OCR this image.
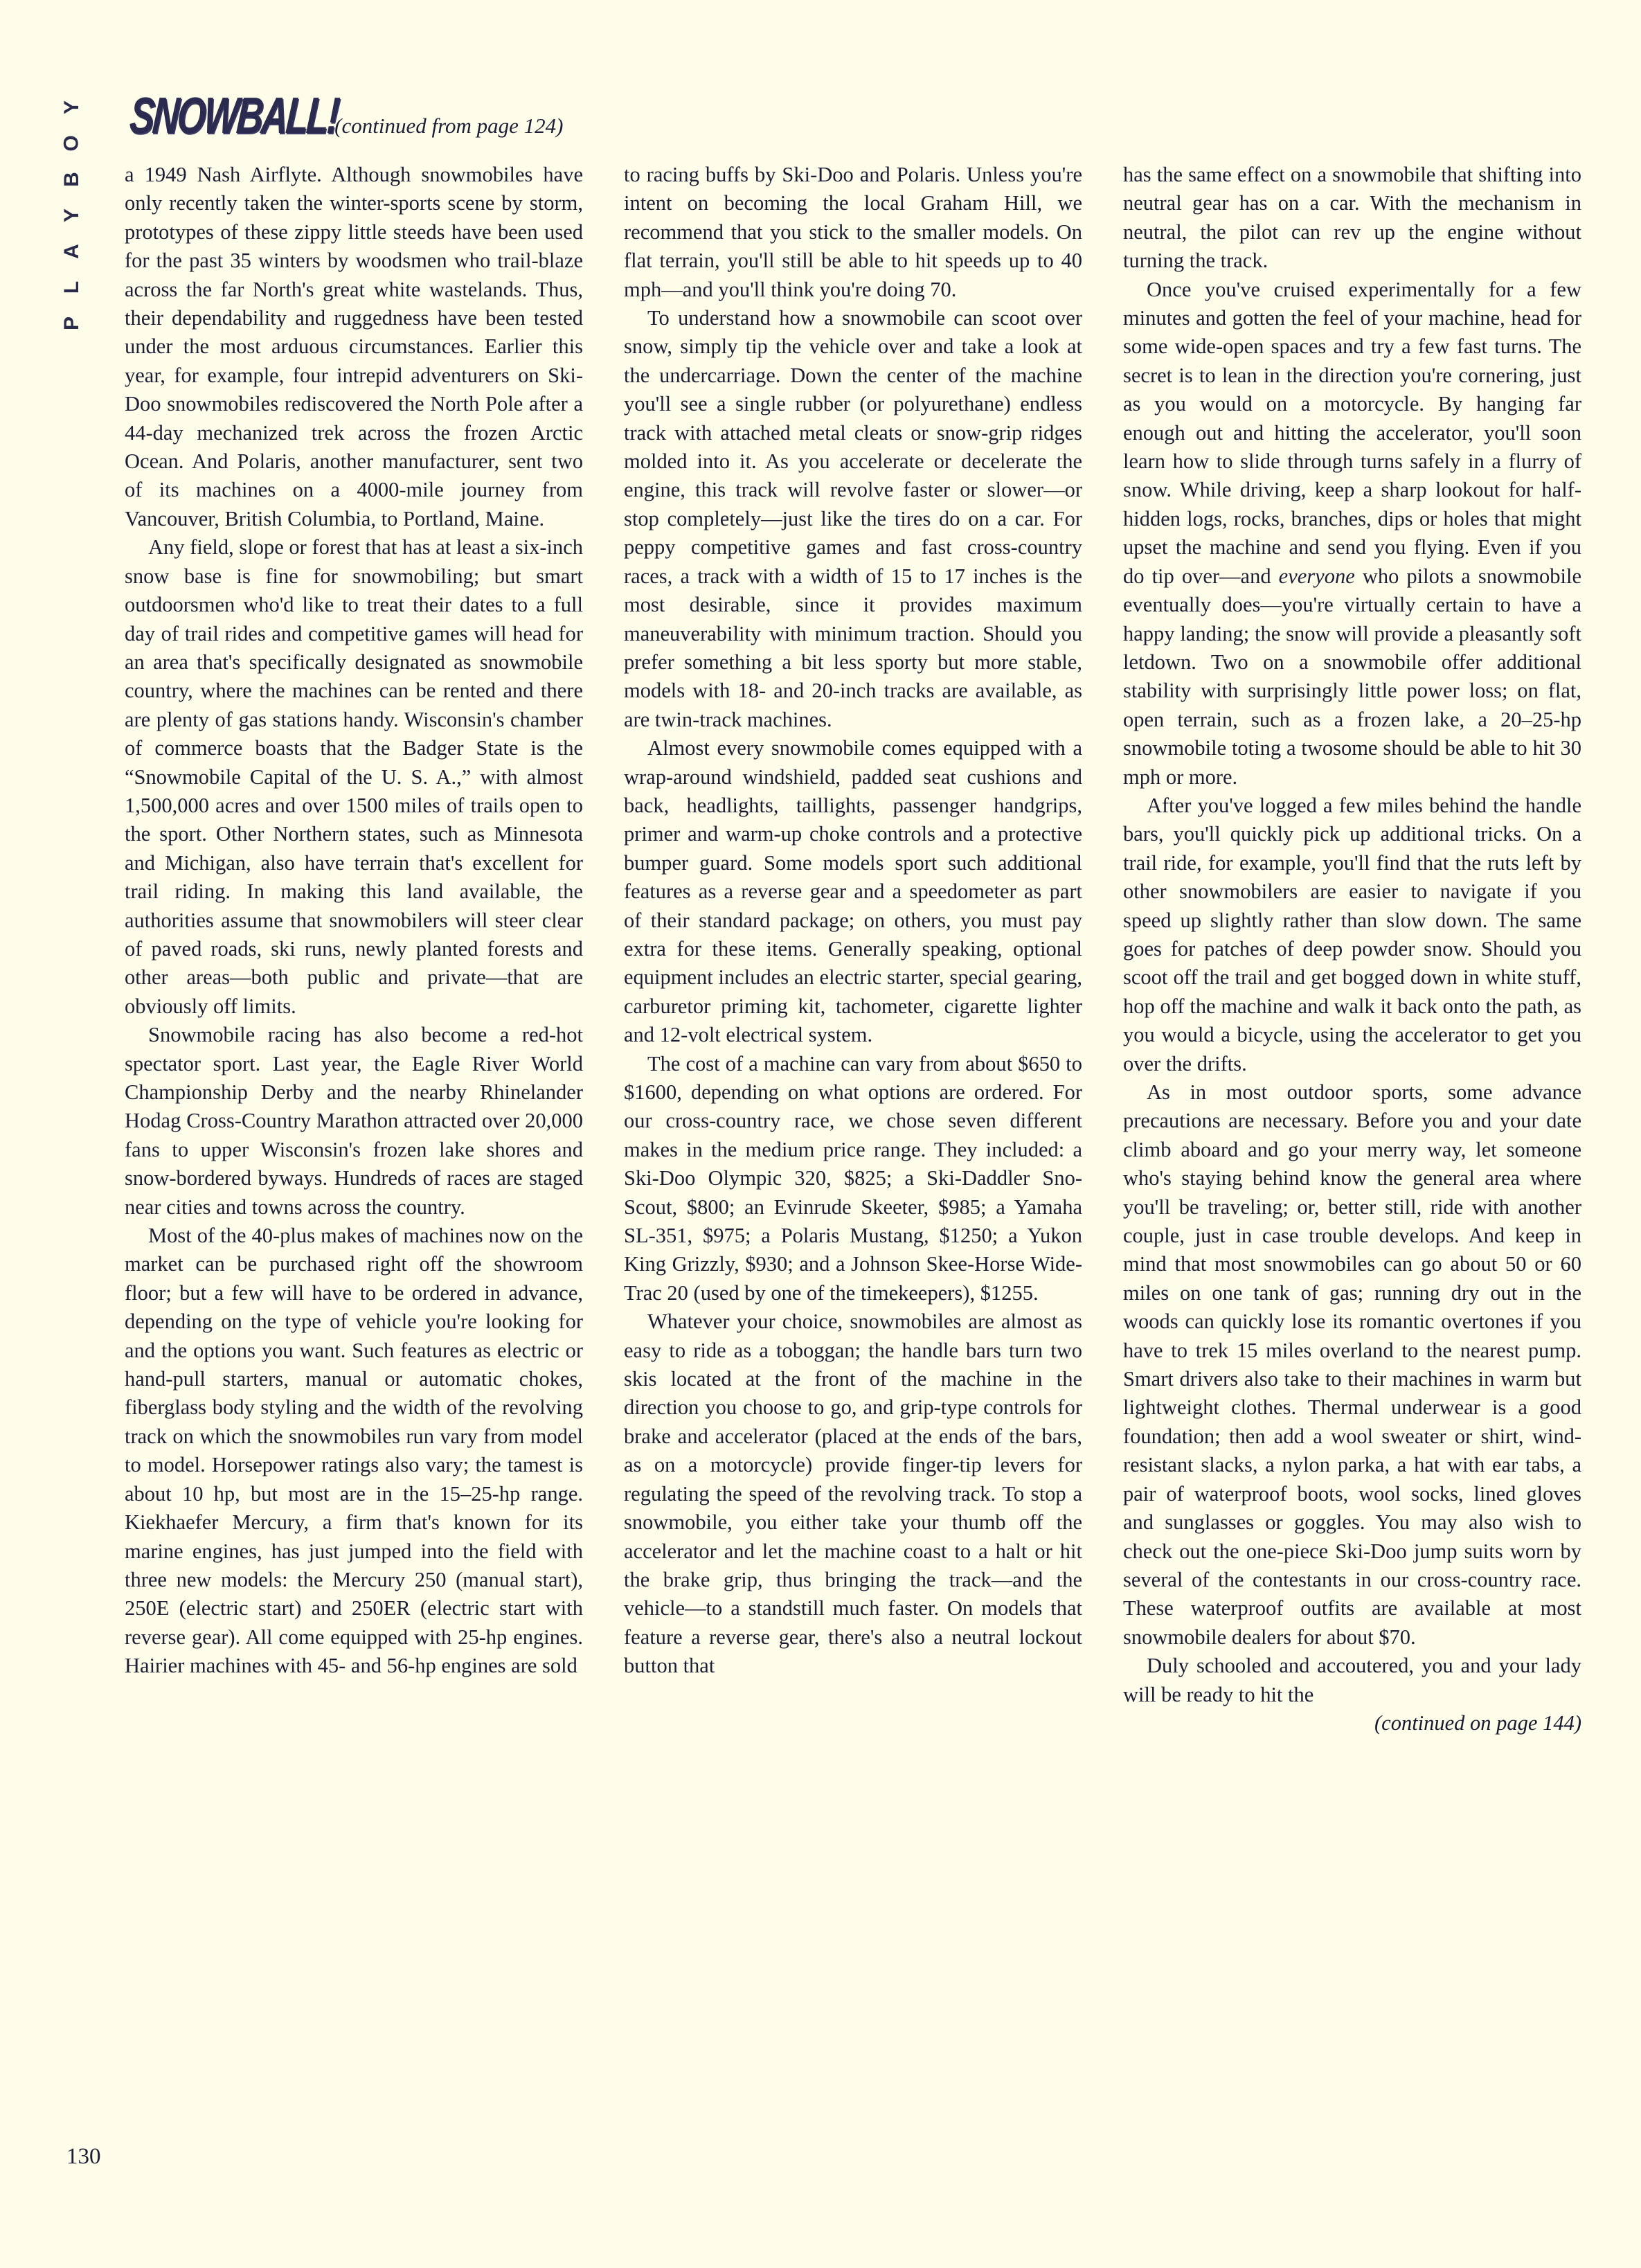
Y
O
B
Y
A
L
P
SNOWBALL!
(continued from page 124)

a 1949 Nash Airflyte. Although snowmobiles have only recently taken the winter-sports scene by storm, prototypes of these zippy little steeds have been used for the past 35 winters by woodsmen who trail-blaze across the far North's great white wastelands. Thus, their dependability and ruggedness have been tested under the most arduous circumstances. Earlier this year, for example, four intrepid adventurers on Ski-Doo snowmobiles rediscovered the North Pole after a 44-day mechanized trek across the frozen Arctic Ocean. And Polaris, another manufacturer, sent two of its machines on a 4000-mile journey from Vancouver, British Columbia, to Portland, Maine.

Any field, slope or forest that has at least a six-inch snow base is fine for snowmobiling; but smart outdoorsmen who'd like to treat their dates to a full day of trail rides and competitive games will head for an area that's specifically designated as snowmobile country, where the machines can be rented and there are plenty of gas stations handy. Wisconsin's chamber of commerce boasts that the Badger State is the “Snowmobile Capital of the U. S. A.,” with almost 1,500,000 acres and over 1500 miles of trails open to the sport. Other Northern states, such as Minnesota and Michigan, also have terrain that's excellent for trail riding. In making this land available, the authorities assume that snowmobilers will steer clear of paved roads, ski runs, newly planted forests and other areas—both public and private—that are obviously off limits.

Snowmobile racing has also become a red-hot spectator sport. Last year, the Eagle River World Championship Derby and the nearby Rhinelander Hodag Cross-Country Marathon attracted over 20,000 fans to upper Wisconsin's frozen lake shores and snow-bordered byways. Hundreds of races are staged near cities and towns across the country.

Most of the 40-plus makes of machines now on the market can be purchased right off the showroom floor; but a few will have to be ordered in advance, depending on the type of vehicle you're looking for and the options you want. Such features as electric or hand-pull starters, manual or automatic chokes, fiberglass body styling and the width of the revolving track on which the snowmobiles run vary from model to model. Horsepower ratings also vary; the tamest is about 10 hp, but most are in the 15–25-hp range. Kiekhaefer Mercury, a firm that's known for its marine engines, has just jumped into the field with three new models: the Mercury 250 (manual start), 250E (electric start) and 250ER (electric start with reverse gear). All come equipped with 25-hp engines. Hairier machines with 45- and 56-hp engines are sold

to racing buffs by Ski-Doo and Polaris. Unless you're intent on becoming the local Graham Hill, we recommend that you stick to the smaller models. On flat terrain, you'll still be able to hit speeds up to 40 mph—and you'll think you're doing 70.

To understand how a snowmobile can scoot over snow, simply tip the vehicle over and take a look at the undercarriage. Down the center of the machine you'll see a single rubber (or polyurethane) endless track with attached metal cleats or snow-grip ridges molded into it. As you accelerate or decelerate the engine, this track will revolve faster or slower—or stop completely—just like the tires do on a car. For peppy competitive games and fast cross-country races, a track with a width of 15 to 17 inches is the most desirable, since it provides maximum maneuverability with minimum traction. Should you prefer something a bit less sporty but more stable, models with 18- and 20-inch tracks are available, as are twin-track machines.

Almost every snowmobile comes equipped with a wrap-around windshield, padded seat cushions and back, headlights, taillights, passenger handgrips, primer and warm-up choke controls and a protective bumper guard. Some models sport such additional features as a reverse gear and a speedometer as part of their standard package; on others, you must pay extra for these items. Generally speaking, optional equipment includes an electric starter, special gearing, carburetor priming kit, tachometer, cigarette lighter and 12-volt electrical system.

The cost of a machine can vary from about $650 to $1600, depending on what options are ordered. For our cross-country race, we chose seven different makes in the medium price range. They included: a Ski-Doo Olympic 320, $825; a Ski-Daddler Sno-Scout, $800; an Evinrude Skeeter, $985; a Yamaha SL-351, $975; a Polaris Mustang, $1250; a Yukon King Grizzly, $930; and a Johnson Skee-Horse Wide-Trac 20 (used by one of the timekeepers), $1255.

Whatever your choice, snowmobiles are almost as easy to ride as a toboggan; the handle bars turn two skis located at the front of the machine in the direction you choose to go, and grip-type controls for brake and accelerator (placed at the ends of the bars, as on a motorcycle) provide finger-tip levers for regulating the speed of the revolving track. To stop a snowmobile, you either take your thumb off the accelerator and let the machine coast to a halt or hit the brake grip, thus bringing the track—and the vehicle—to a standstill much faster. On models that feature a reverse gear, there's also a neutral lockout button that

has the same effect on a snowmobile that shifting into neutral gear has on a car. With the mechanism in neutral, the pilot can rev up the engine without turning the track.

Once you've cruised experimentally for a few minutes and gotten the feel of your machine, head for some wide-open spaces and try a few fast turns. The secret is to lean in the direction you're cornering, just as you would on a motorcycle. By hanging far enough out and hitting the accelerator, you'll soon learn how to slide through turns safely in a flurry of snow. While driving, keep a sharp lookout for half-hidden logs, rocks, branches, dips or holes that might upset the machine and send you flying. Even if you do tip over—and everyone who pilots a snowmobile eventually does—you're virtually certain to have a happy landing; the snow will provide a pleasantly soft letdown. Two on a snowmobile offer additional stability with surprisingly little power loss; on flat, open terrain, such as a frozen lake, a 20–25-hp snowmobile toting a twosome should be able to hit 30 mph or more.

After you've logged a few miles behind the handle bars, you'll quickly pick up additional tricks. On a trail ride, for example, you'll find that the ruts left by other snowmobilers are easier to navigate if you speed up slightly rather than slow down. The same goes for patches of deep powder snow. Should you scoot off the trail and get bogged down in white stuff, hop off the machine and walk it back onto the path, as you would a bicycle, using the accelerator to get you over the drifts.

As in most outdoor sports, some advance precautions are necessary. Before you and your date climb aboard and go your merry way, let someone who's staying behind know the general area where you'll be traveling; or, better still, ride with another couple, just in case trouble develops. And keep in mind that most snowmobiles can go about 50 or 60 miles on one tank of gas; running dry out in the woods can quickly lose its romantic overtones if you have to trek 15 miles overland to the nearest pump. Smart drivers also take to their machines in warm but lightweight clothes. Thermal underwear is a good foundation; then add a wool sweater or shirt, wind-resistant slacks, a nylon parka, a hat with ear tabs, a pair of waterproof boots, wool socks, lined gloves and sunglasses or goggles. You may also wish to check out the one-piece Ski-Doo jump suits worn by several of the contestants in our cross-country race. These waterproof outfits are available at most snowmobile dealers for about $70.

Duly schooled and accoutered, you and your lady will be ready to hit the

(continued on page 144)
130
